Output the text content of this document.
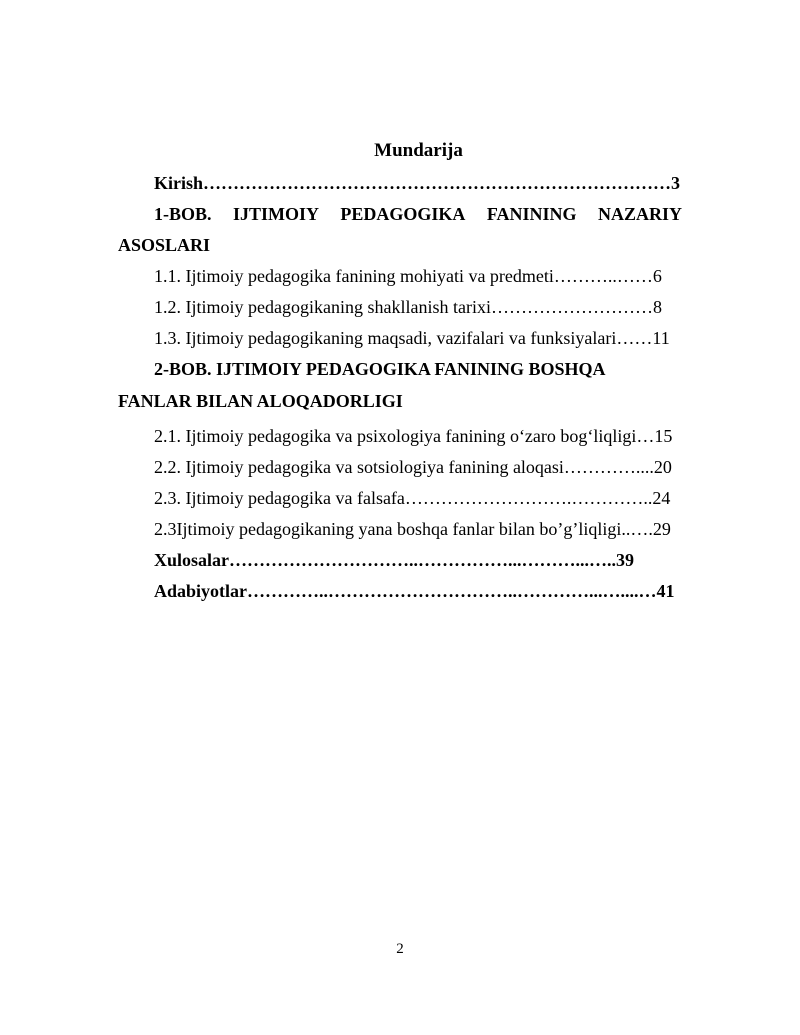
Mundarija
Kirish……………………………………………………………………3
1-BOB. IJTIMOIY PEDAGOGIKA FANINING NAZARIY
ASOSLARI
1.1. Ijtimoiy pedagogika fanining mohiyati va predmeti………..……6
1.2. Ijtimoiy pedagogikaning shakllanish tarixi………………………8
1.3. Ijtimoiy pedagogikaning maqsadi, vazifalari va funksiyalari……11
2-BOB. IJTIMOIY PEDAGOGIKA FANINING BOSHQA
FANLAR BILAN ALOQADORLIGI
2.1. Ijtimoiy pedagogika va psixologiya fanining o‘zaro bog‘liqligi…15
2.2. Ijtimoiy pedagogika va sotsiologiya fanining aloqasi…………....20
2.3. Ijtimoiy pedagogika va falsafa……………………….…………..24
2.3Ijtimoiy pedagogikaning yana boshqa fanlar bilan bo’g’liqligi..….29
Xulosalar…………………………..……………...………...…..39
Adabiyotlar…………..…………………………..…………...…....…41
2
